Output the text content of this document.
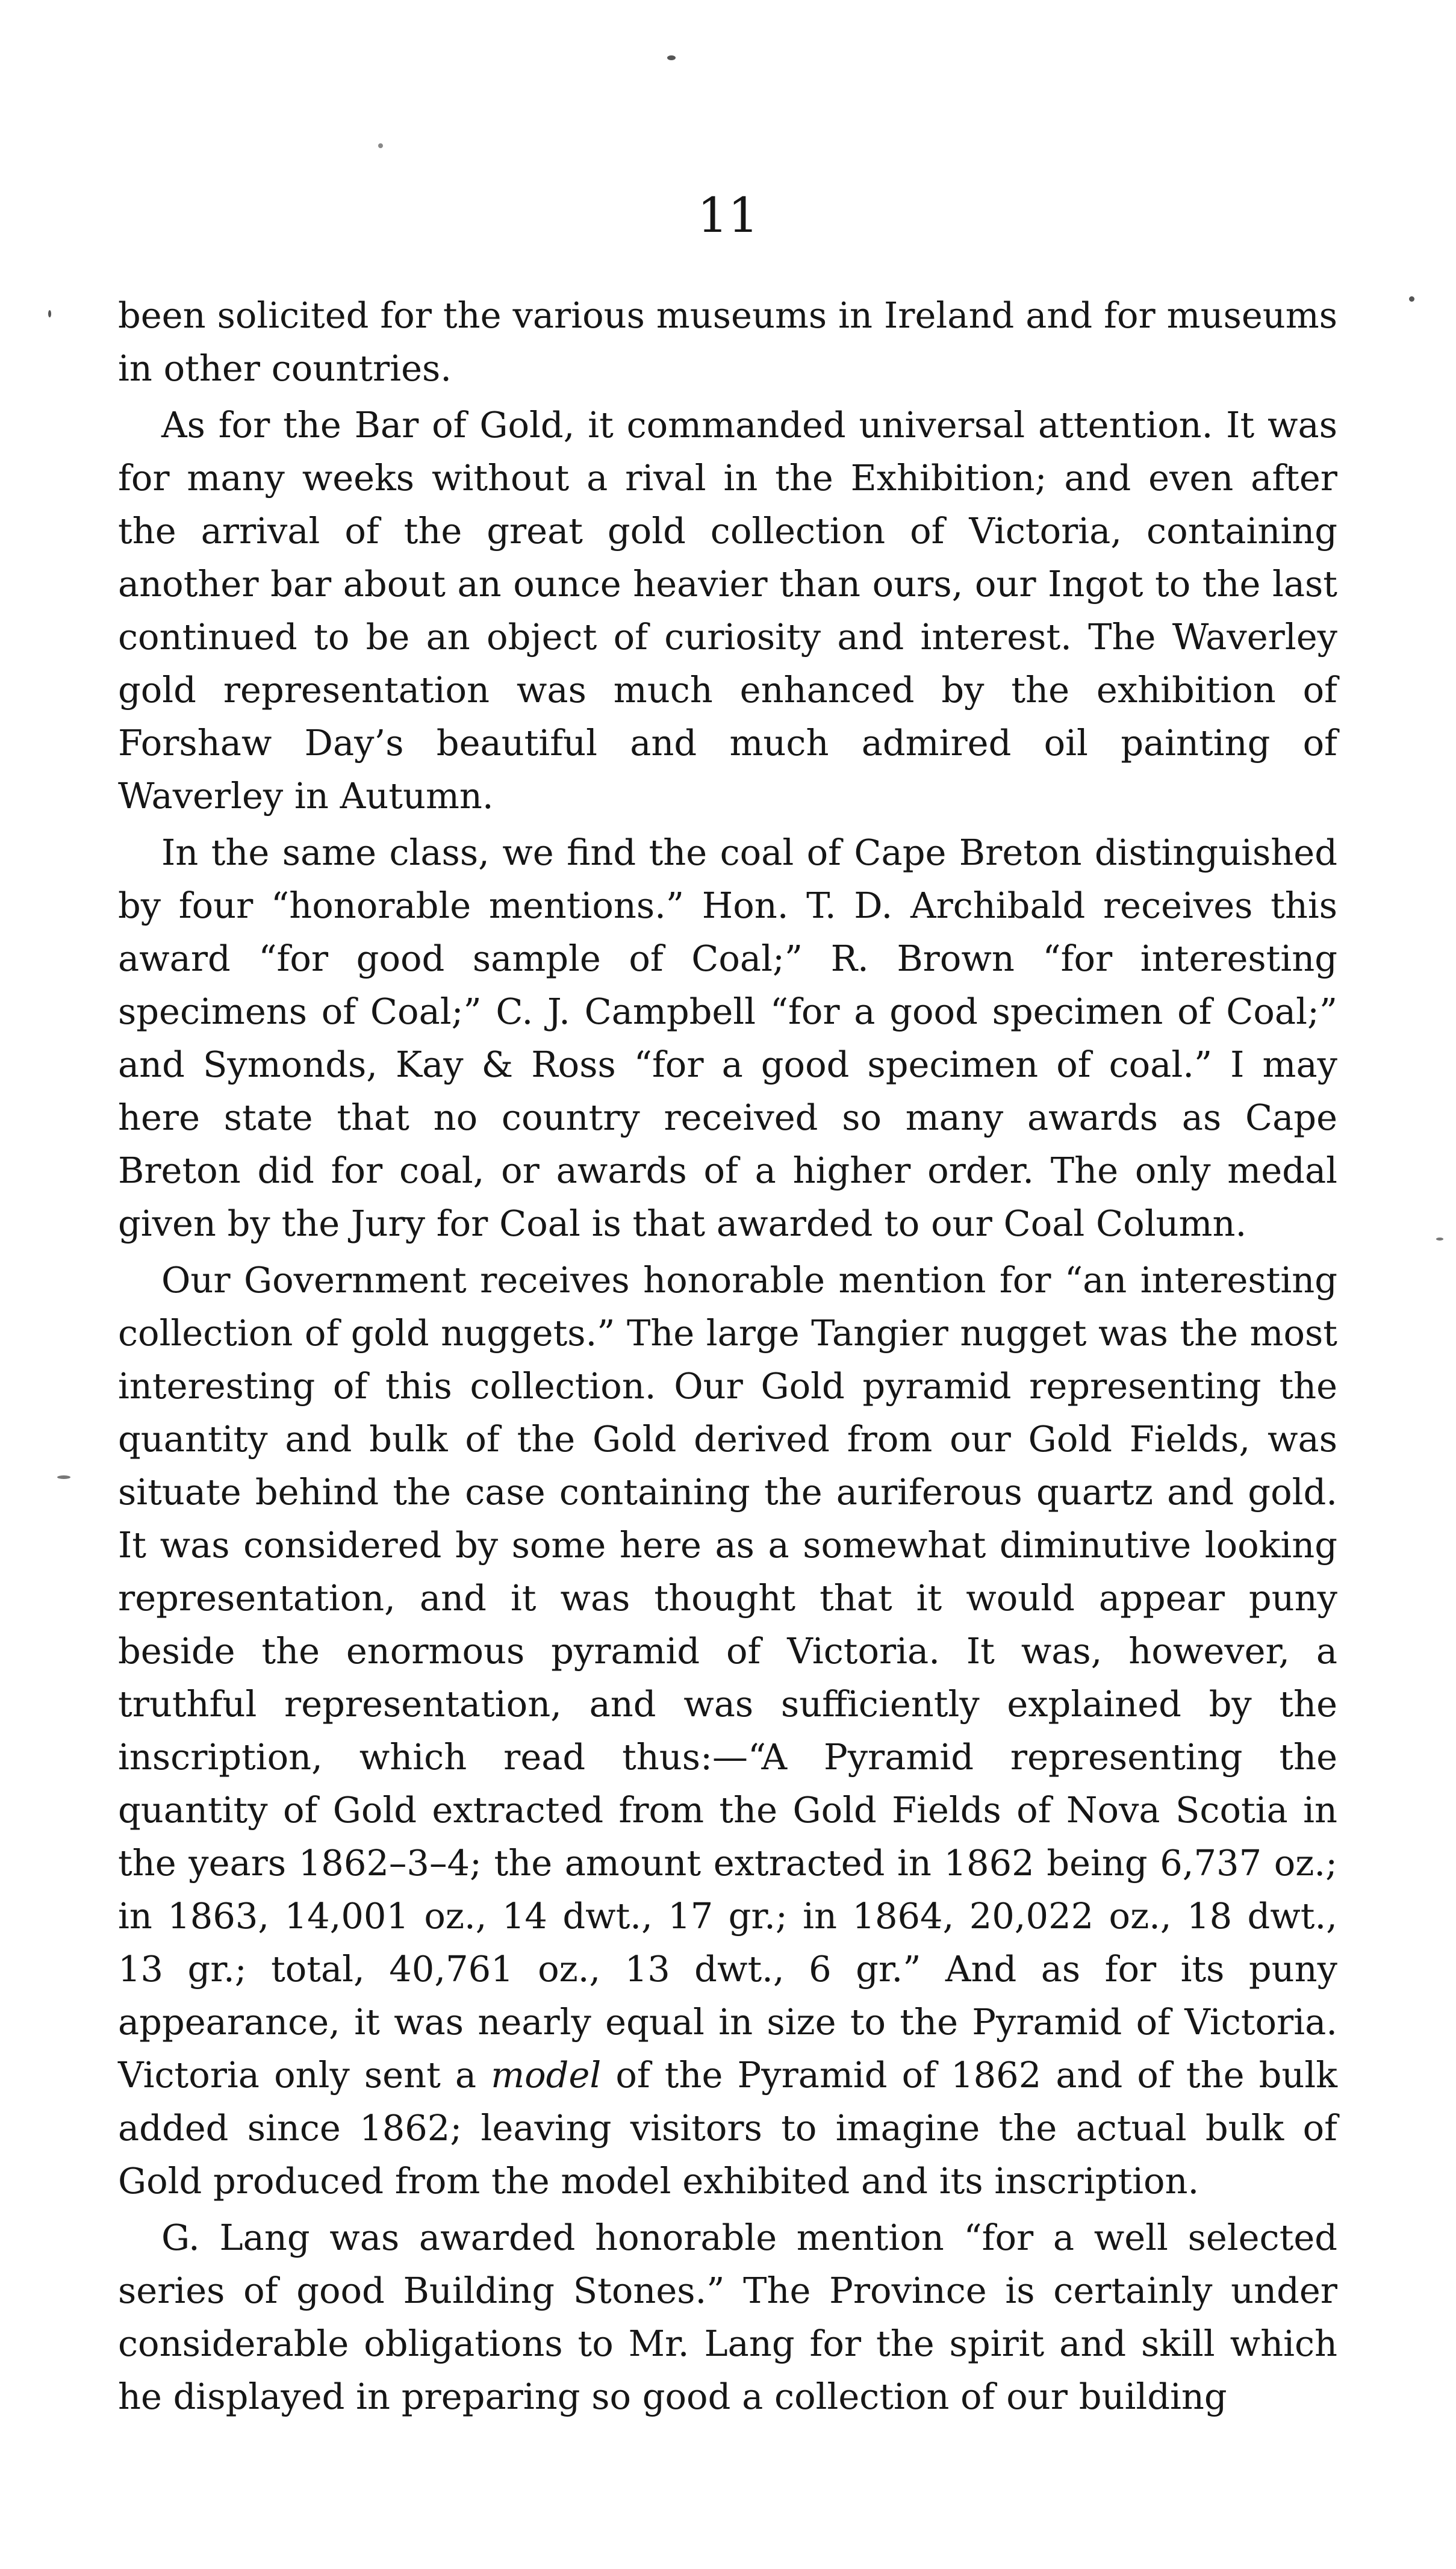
11

been solicited for the various museums in Ireland and for museums in other countries.

As for the Bar of Gold, it commanded universal attention. It was for many weeks without a rival in the Exhibition; and even after the arrival of the great gold collection of Victoria, containing another bar about an ounce heavier than ours, our Ingot to the last continued to be an object of curiosity and interest. The Waverley gold representation was much enhanced by the exhibition of Forshaw Day’s beautiful and much admired oil painting of Waverley in Autumn.

In the same class, we find the coal of Cape Breton distinguished by four “honorable mentions.” Hon. T. D. Archibald receives this award “for good sample of Coal;” R. Brown “for interesting specimens of Coal;” C. J. Campbell “for a good specimen of Coal;” and Symonds, Kay & Ross “for a good specimen of coal.” I may here state that no country received so many awards as Cape Breton did for coal, or awards of a higher order. The only medal given by the Jury for Coal is that awarded to our Coal Column.

Our Government receives honorable mention for “an interesting collection of gold nuggets.” The large Tangier nugget was the most interesting of this collection. Our Gold pyramid representing the quantity and bulk of the Gold derived from our Gold Fields, was situate behind the case containing the auriferous quartz and gold. It was considered by some here as a somewhat diminutive looking representation, and it was thought that it would appear puny beside the enormous pyramid of Victoria. It was, however, a truthful representation, and was sufficiently explained by the inscription, which read thus:—“A Pyramid representing the quantity of Gold extracted from the Gold Fields of Nova Scotia in the years 1862–3–4; the amount extracted in 1862 being 6,737 oz.; in 1863, 14,001 oz., 14 dwt., 17 gr.; in 1864, 20,022 oz., 18 dwt., 13 gr.; total, 40,761 oz., 13 dwt., 6 gr.” And as for its puny appearance, it was nearly equal in size to the Pyramid of Victoria. Victoria only sent a model of the Pyramid of 1862 and of the bulk added since 1862; leaving visitors to imagine the actual bulk of Gold produced from the model exhibited and its inscription.

G. Lang was awarded honorable mention “for a well selected series of good Building Stones.” The Province is certainly under considerable obligations to Mr. Lang for the spirit and skill which he displayed in preparing so good a collection of our building
